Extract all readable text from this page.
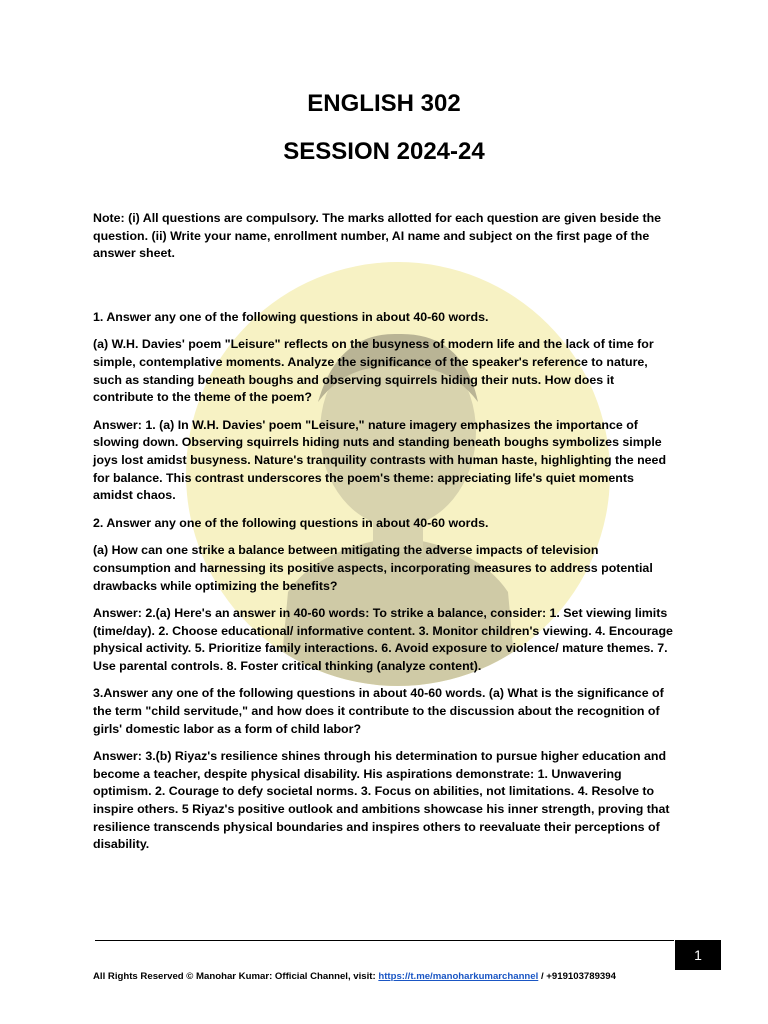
ENGLISH 302
SESSION 2024-24

Note: (i) All questions are compulsory. The marks allotted for each question are given beside the question. (ii) Write your name, enrollment number, AI name and subject on the first page of the answer sheet.

1. Answer any one of the following questions in about 40-60 words.

(a) W.H. Davies' poem "Leisure" reflects on the busyness of modern life and the lack of time for simple, contemplative moments. Analyze the significance of the speaker's reference to nature, such as standing beneath boughs and observing squirrels hiding their nuts. How does it contribute to the theme of the poem?

Answer: 1. (a) In W.H. Davies' poem "Leisure," nature imagery emphasizes the importance of slowing down. Observing squirrels hiding nuts and standing beneath boughs symbolizes simple joys lost amidst busyness. Nature's tranquility contrasts with human haste, highlighting the need for balance. This contrast underscores the poem's theme: appreciating life's quiet moments amidst chaos.

2. Answer any one of the following questions in about 40-60 words.

(a) How can one strike a balance between mitigating the adverse impacts of television consumption and harnessing its positive aspects, incorporating measures to address potential drawbacks while optimizing the benefits?

Answer: 2.(a) Here's an answer in 40-60 words: To strike a balance, consider: 1. Set viewing limits (time/day). 2. Choose educational/ informative content. 3. Monitor children's viewing. 4. Encourage physical activity. 5. Prioritize family interactions. 6. Avoid exposure to violence/ mature themes. 7. Use parental controls. 8. Foster critical thinking (analyze content).

3.Answer any one of the following questions in about 40-60 words. (a) What is the significance of the term "child servitude," and how does it contribute to the discussion about the recognition of girls' domestic labor as a form of child labor?

Answer: 3.(b) Riyaz's resilience shines through his determination to pursue higher education and become a teacher, despite physical disability. His aspirations demonstrate: 1. Unwavering optimism. 2. Courage to defy societal norms. 3. Focus on abilities, not limitations. 4. Resolve to inspire others. 5 Riyaz's positive outlook and ambitions showcase his inner strength, proving that resilience transcends physical boundaries and inspires others to reevaluate their perceptions of disability.

1
All Rights Reserved © Manohar Kumar: Official Channel, visit: https://t.me/manoharkumarchannel / +919103789394
